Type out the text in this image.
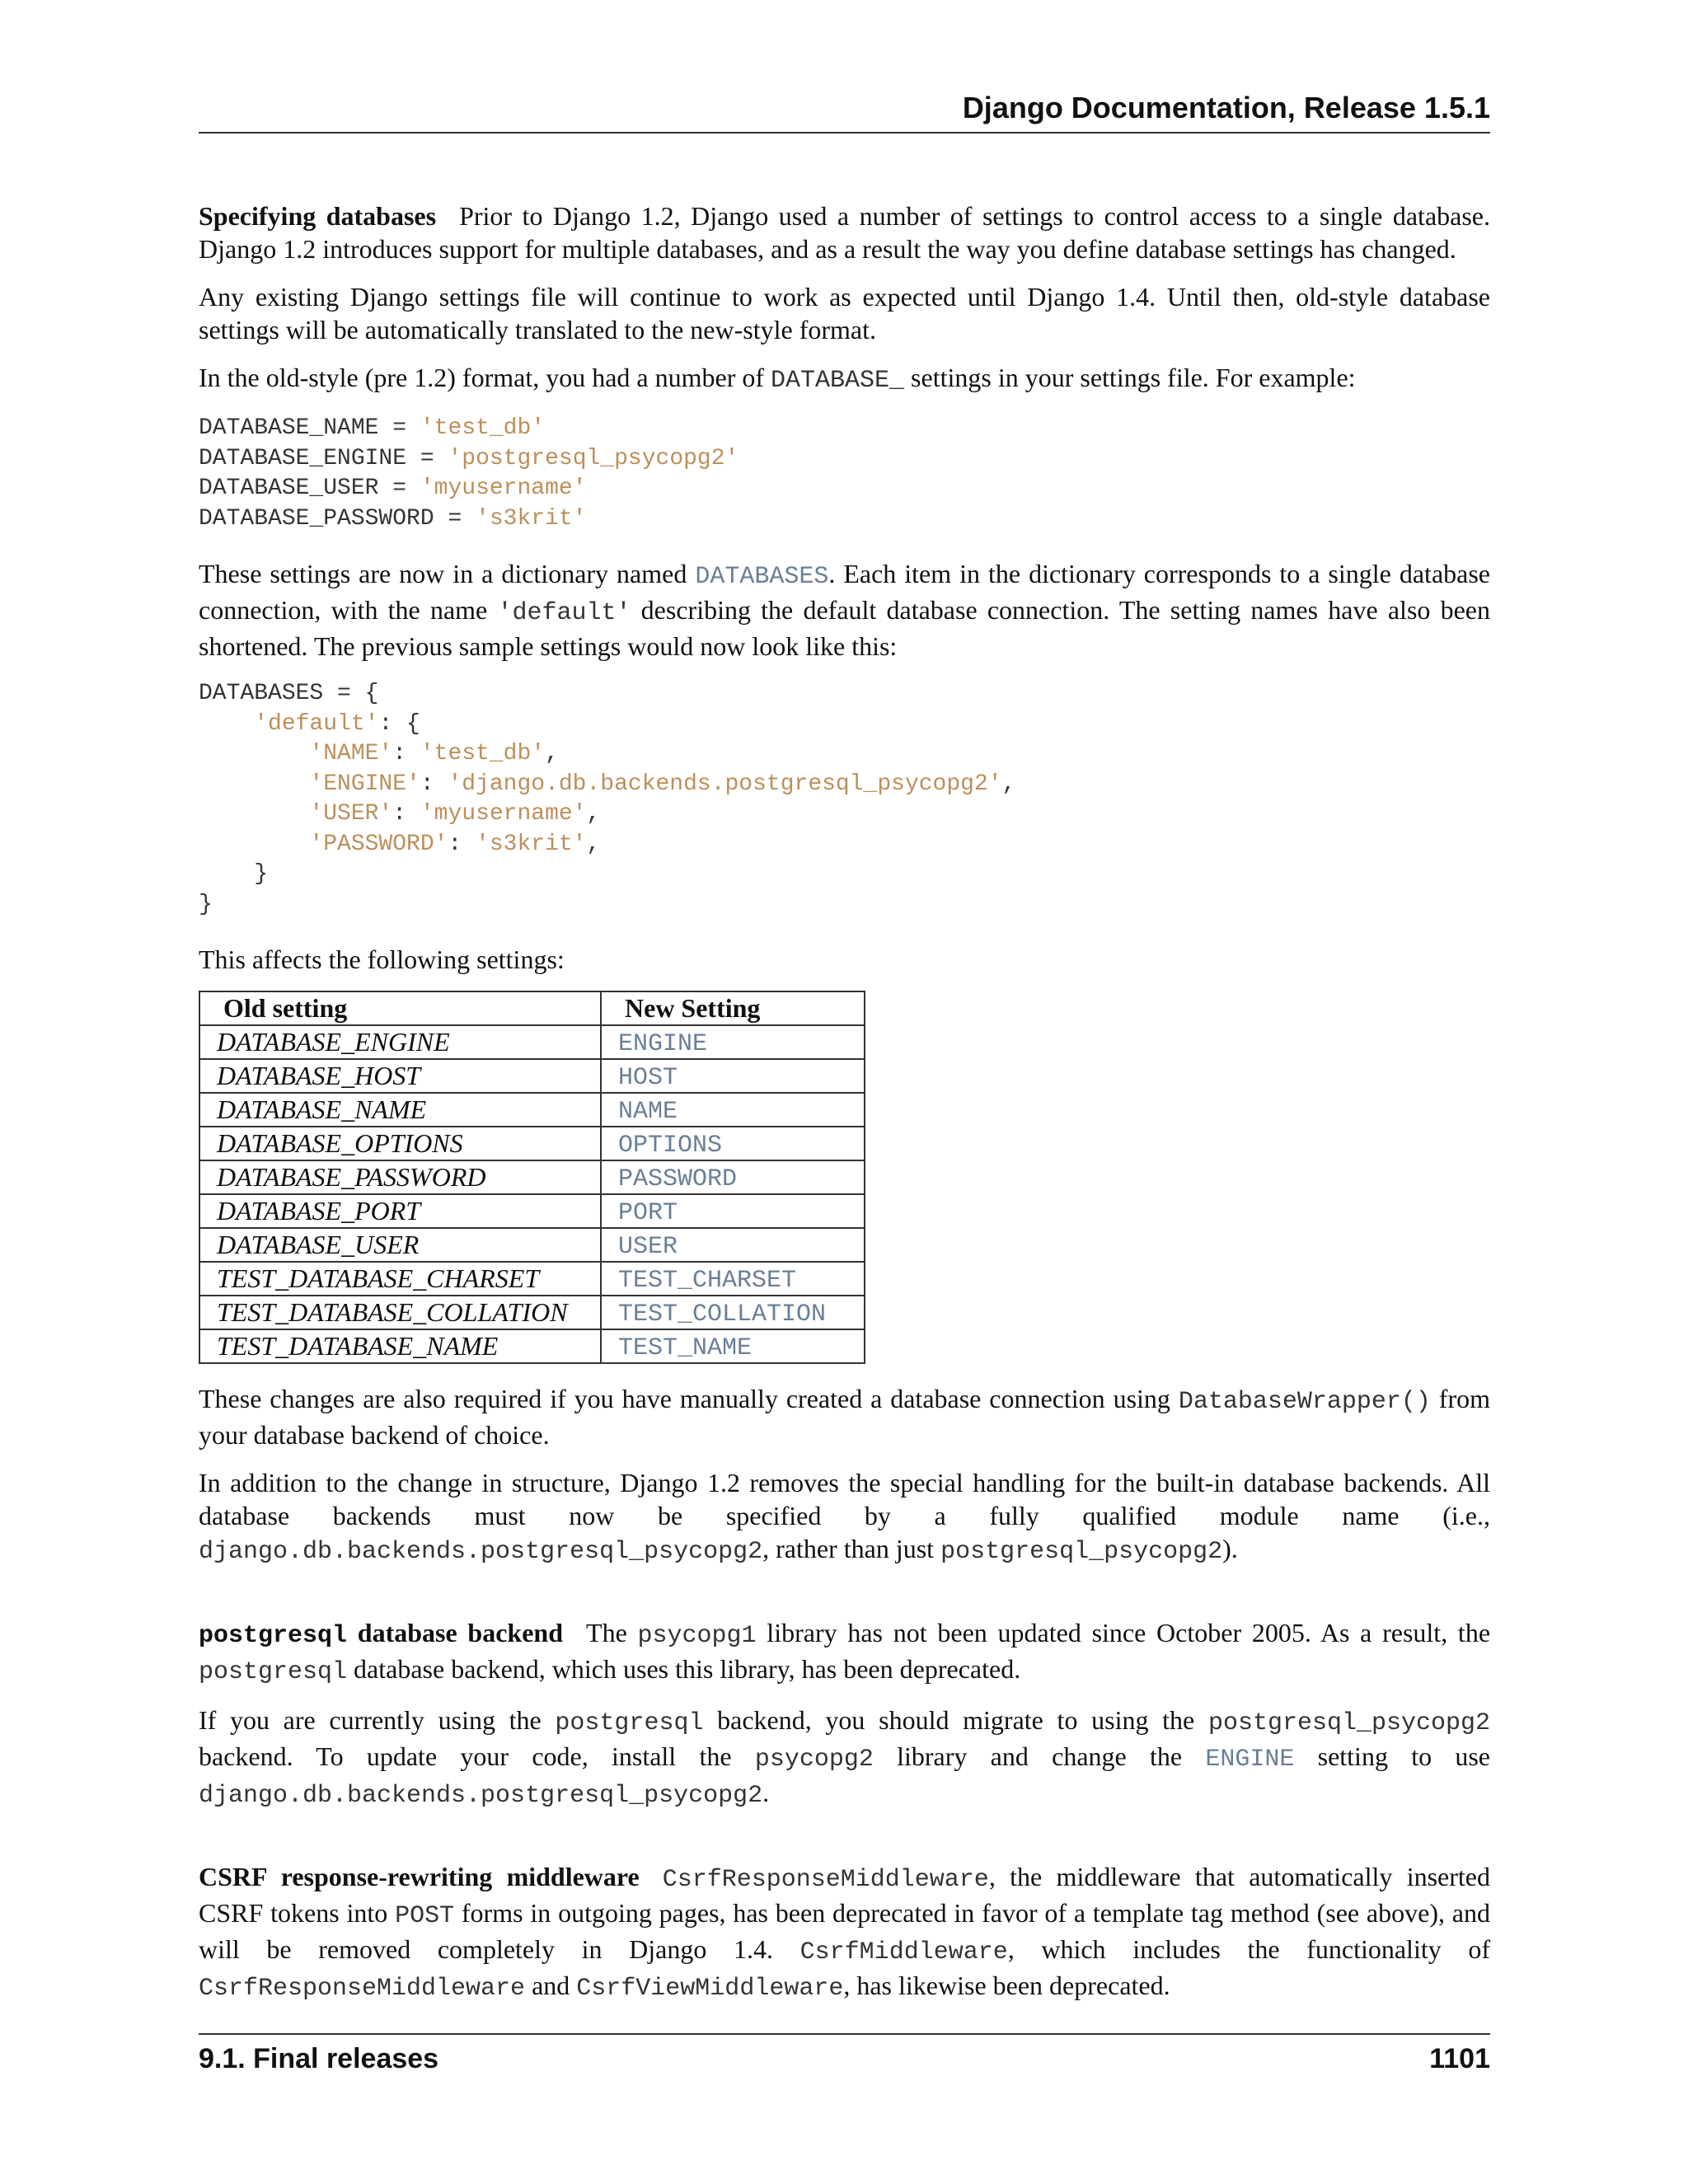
Django Documentation, Release 1.5.1

Specifying databases Prior to Django 1.2, Django used a number of settings to control access to a single database. Django 1.2 introduces support for multiple databases, and as a result the way you define database settings has changed.

Any existing Django settings file will continue to work as expected until Django 1.4. Until then, old-style database settings will be automatically translated to the new-style format.

In the old-style (pre 1.2) format, you had a number of DATABASE_ settings in your settings file. For example:

DATABASE_NAME = 'test_db'
DATABASE_ENGINE = 'postgresql_psycopg2'
DATABASE_USER = 'myusername'
DATABASE_PASSWORD = 's3krit'

These settings are now in a dictionary named DATABASES. Each item in the dictionary corresponds to a single database connection, with the name 'default' describing the default database connection. The setting names have also been shortened. The previous sample settings would now look like this:

DATABASES = {
'default': {
'NAME': 'test_db',
'ENGINE': 'django.db.backends.postgresql_psycopg2',
'USER': 'myusername',
'PASSWORD': 's3krit',
}
}

This affects the following settings:

Old setting	New Setting
DATABASE_ENGINE	ENGINE
DATABASE_HOST	HOST
DATABASE_NAME	NAME
DATABASE_OPTIONS	OPTIONS
DATABASE_PASSWORD	PASSWORD
DATABASE_PORT	PORT
DATABASE_USER	USER
TEST_DATABASE_CHARSET	TEST_CHARSET
TEST_DATABASE_COLLATION	TEST_COLLATION
TEST_DATABASE_NAME	TEST_NAME

These changes are also required if you have manually created a database connection using DatabaseWrapper() from your database backend of choice.

In addition to the change in structure, Django 1.2 removes the special handling for the built-in database backends. All database backends must now be specified by a fully qualified module name (i.e., django.db.backends.postgresql_psycopg2, rather than just postgresql_psycopg2).

postgresql database backend The psycopg1 library has not been updated since October 2005. As a result, the postgresql database backend, which uses this library, has been deprecated.

If you are currently using the postgresql backend, you should migrate to using the postgresql_psycopg2 backend. To update your code, install the psycopg2 library and change the ENGINE setting to use django.db.backends.postgresql_psycopg2.

CSRF response-rewriting middleware CsrfResponseMiddleware, the middleware that automatically inserted CSRF tokens into POST forms in outgoing pages, has been deprecated in favor of a template tag method (see above), and will be removed completely in Django 1.4. CsrfMiddleware, which includes the functionality of CsrfResponseMiddleware and CsrfViewMiddleware, has likewise been deprecated.

9.1. Final releases	1101
